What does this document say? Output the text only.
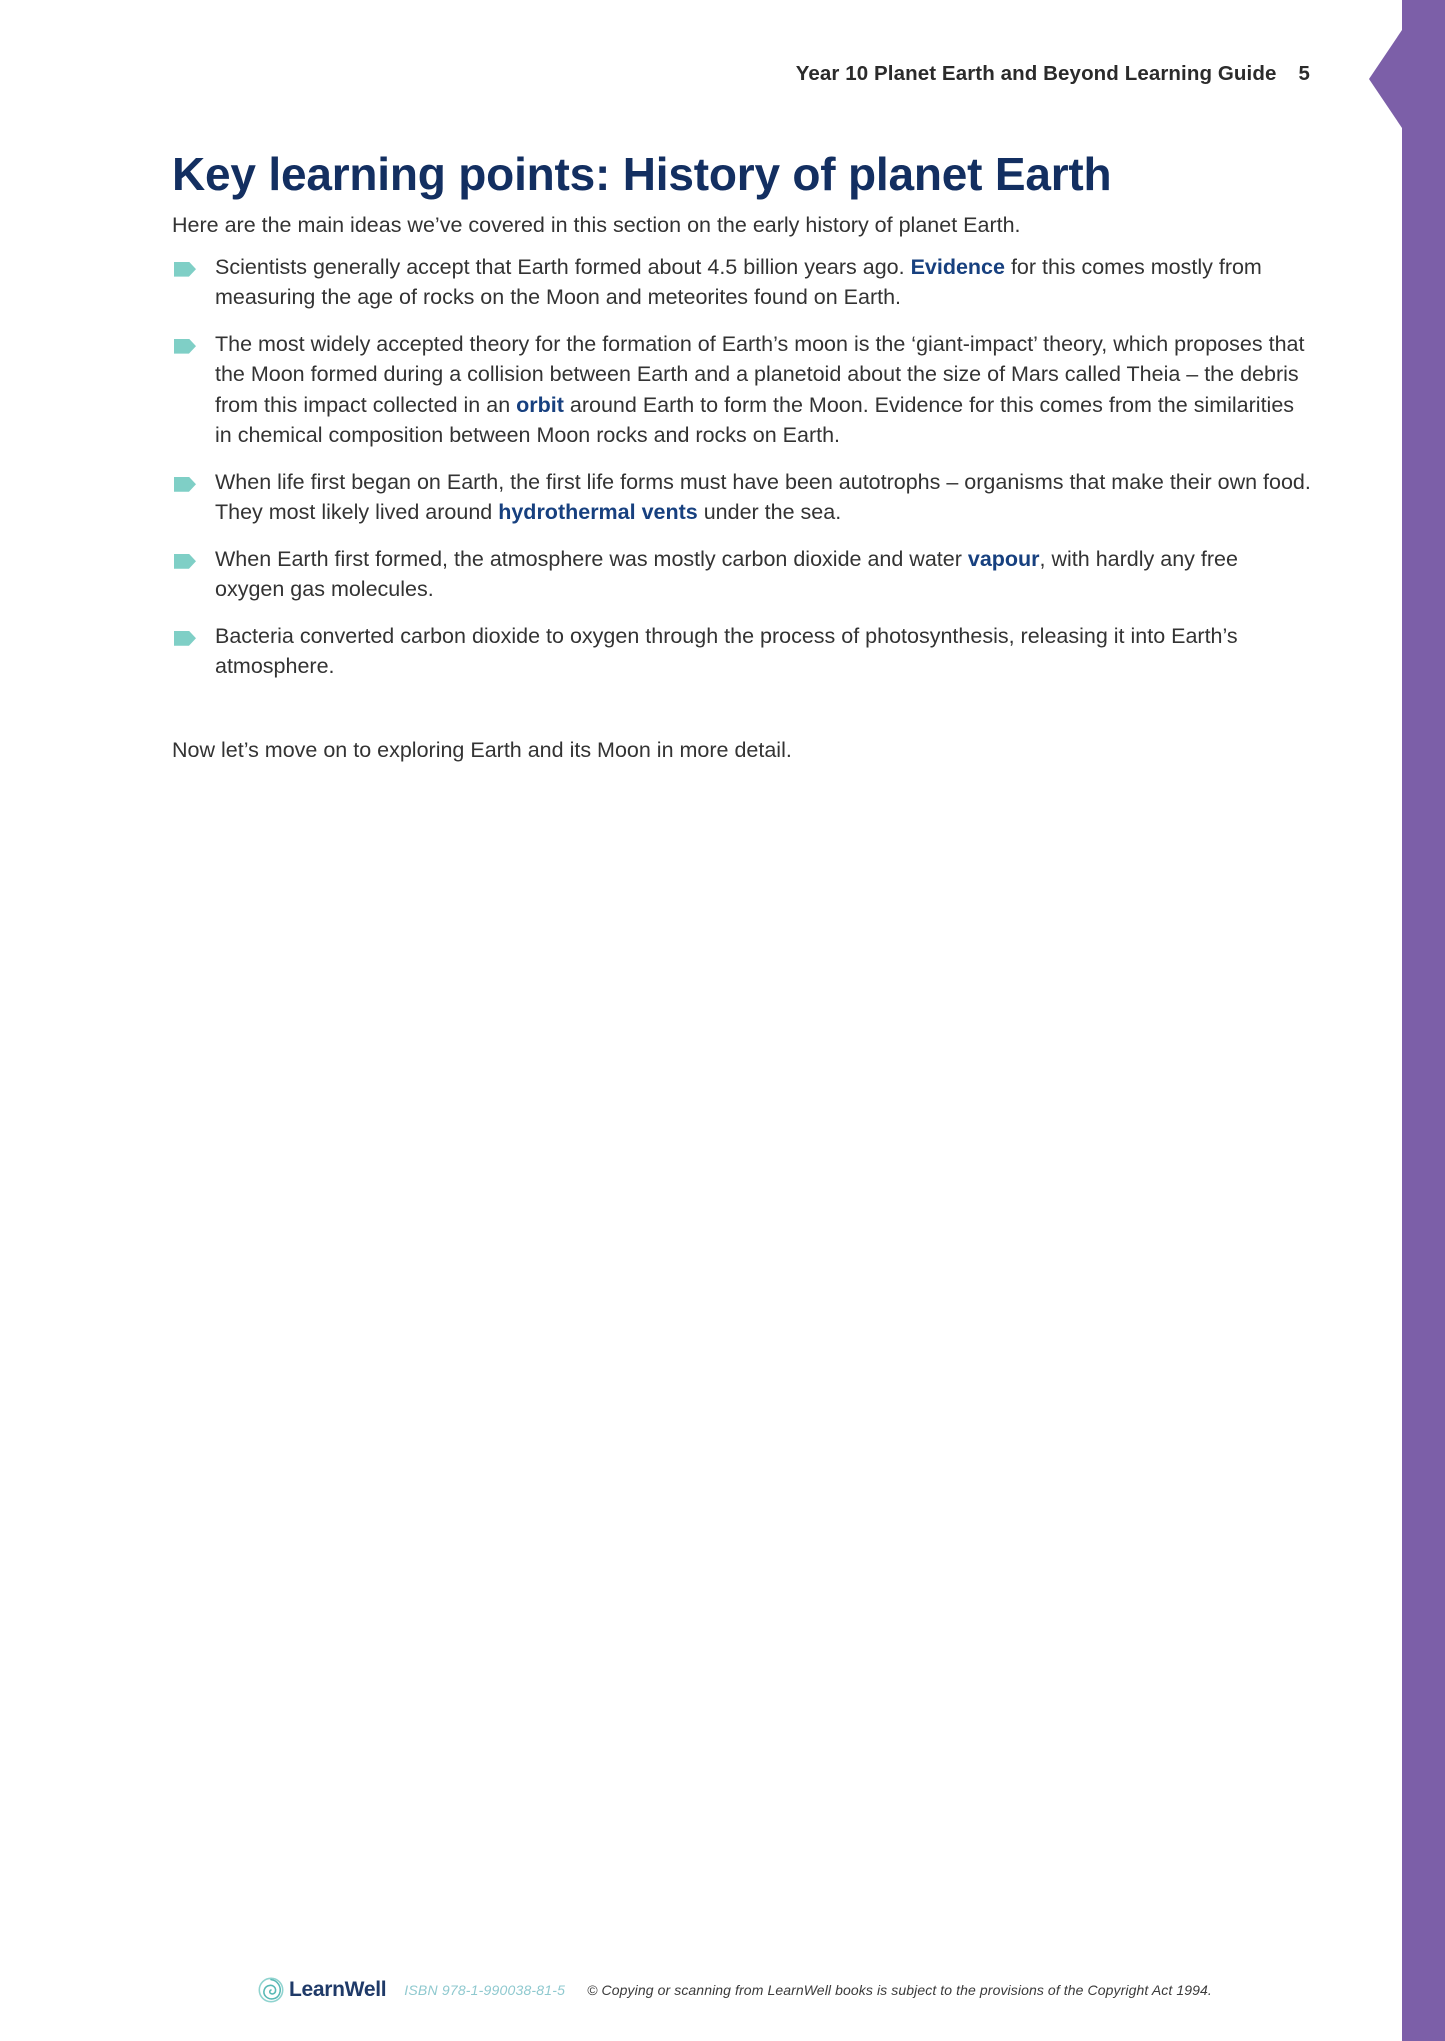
Year 10 Planet Earth and Beyond Learning Guide 5
Key learning points: History of planet Earth

Here are the main ideas we’ve covered in this section on the early history of planet Earth.

Scientists generally accept that Earth formed about 4.5 billion years ago. Evidence for this comes mostly from measuring the age of rocks on the Moon and meteorites found on Earth.
The most widely accepted theory for the formation of Earth’s moon is the ‘giant-impact’ theory, which proposes that the Moon formed during a collision between Earth and a planetoid about the size of Mars called Theia – the debris from this impact collected in an orbit around Earth to form the Moon. Evidence for this comes from the similarities in chemical composition between Moon rocks and rocks on Earth.
When life first began on Earth, the first life forms must have been autotrophs – organisms that make their own food. They most likely lived around hydrothermal vents under the sea.
When Earth first formed, the atmosphere was mostly carbon dioxide and water vapour, with hardly any free oxygen gas molecules.
Bacteria converted carbon dioxide to oxygen through the process of photosynthesis, releasing it into Earth’s atmosphere.

Now let’s move on to exploring Earth and its Moon in more detail.

LearnWell ISBN 978-1-990038-81-5 © Copying or scanning from LearnWell books is subject to the provisions of the Copyright Act 1994.
